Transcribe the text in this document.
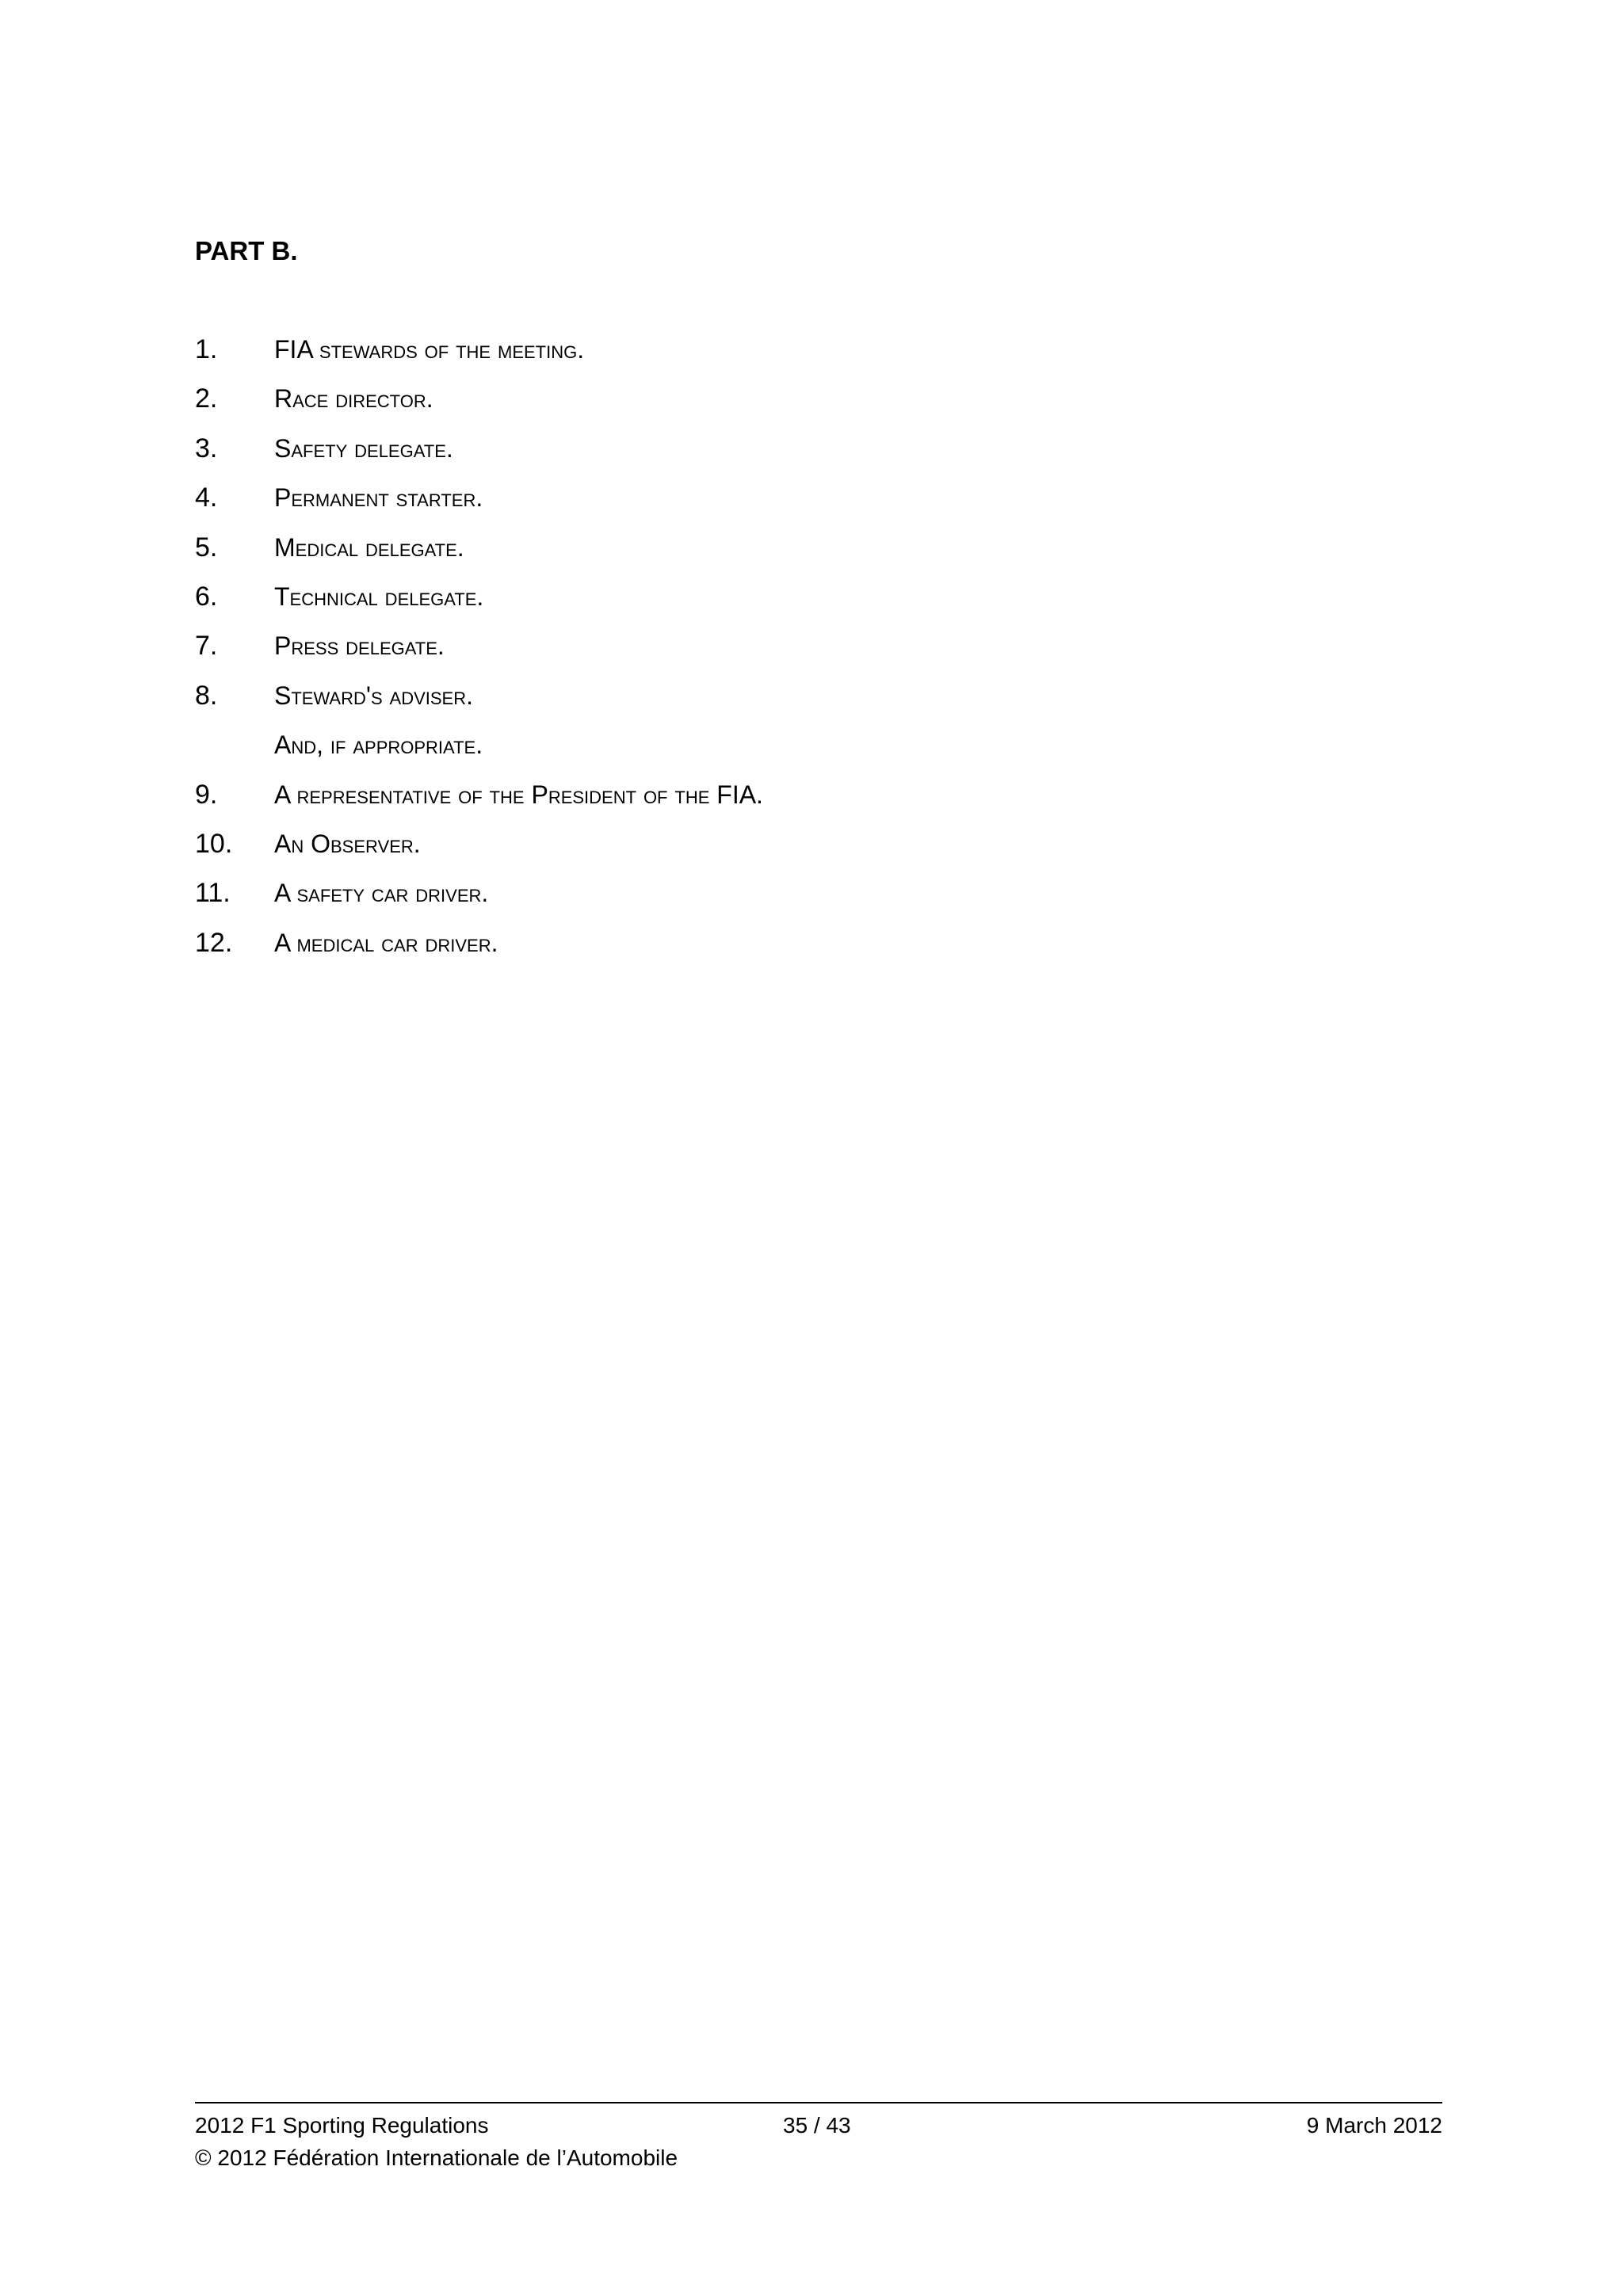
PART B.
1. FIA stewards of the meeting.
2. Race director.
3. Safety delegate.
4. Permanent starter.
5. Medical delegate.
6. Technical delegate.
7. Press delegate.
8. Steward's adviser.
And, if appropriate.
9. A representative of the President of the FIA.
10. An Observer.
11. A safety car driver.
12. A medical car driver.
2012 F1 Sporting Regulations	35 / 43	9 March 2012
© 2012 Fédération Internationale de l’Automobile
